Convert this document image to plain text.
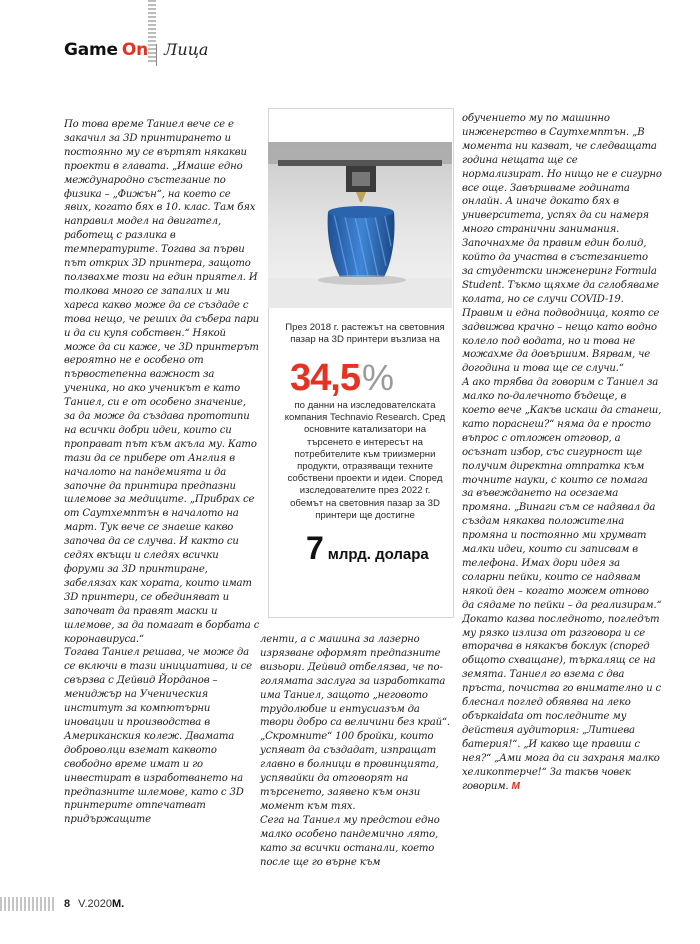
Game On Лица

По това време Таниел вече се е закачил за 3D принтирането и постоянно му се въртят някакви проекти в главата. „Имаше едно международно състезание по физика – „Фижън“, на което се явих, когато бях в 10. клас. Там бях направил модел на двигател, работещ с разлика в температурите. Тогава за първи път открих 3D принтера, защото ползвахме този на един приятел. И толкова много се запалих и ми хареса какво може да се създаде с това нещо, че реших да събера пари и да си купя собствен.“ Някой може да си каже, че 3D принтерът вероятно не е особено от първостепенна важност за ученика, но ако ученикът е като Таниел, си е от особено значение, за да може да създава прототипи на всички добри идеи, които си проправат път към акъла му. Като тази да се прибере от Англия в началото на пандемията и да започне да принтира предпазни шлемове за медиците. „Прибрах се от Саутхемптън в началото на март. Тук вече се знаеше какво започва да се случва. И както си седях вкъщи и следях всички форуми за 3D принтиране, забелязах как хората, които имат 3D принтери, се обединяват и започват да правят маски и шлемове, за да помагат в борбата с коронавируса.“

Тогава Таниел решава, че може да се включи в тази инициатива, и се свързва с Дейвид Йорданов – мениджър на Ученическия институт за компютърни иновации и производства в Американския колеж. Двамата доброволци вземат каквото свободно време имат и го инвестират в изработването на предпазните шлемове, като с 3D принтерите отпечатват придържащите

През 2018 г. растежът на световния пазар на 3D принтери възлиза на
34,5%
по данни на изследователската компания Technavio Research. Сред основните катализатори на търсенето е интересът на потребителите към триизмерни продукти, отразяващи техните собствени проекти и идеи. Според изследователите през 2022 г. обемът на световния пазар за 3D принтери ще достигне
7 млрд. долара

ленти, а с машина за лазерно изрязване оформят предпазните визьори. Дейвид отбелязва, че по-голямата заслуга за изработката има Таниел, защото „неговото трудолюбие и ентусиазъм да твори добро са величини без край“. „Скромните“ 100 бройки, които успяват да създадат, изпращат главно в болници в провинцията, успявайки да отговорят на търсенето, заявено към онзи момент към тях.

Сега на Таниел му предстои едно малко особено пандемично лято, като за всички останали, което после ще го върне към

обучението му по машинно инженерство в Саутхемптън. „В момента ни казват, че следващата година нещата ще се нормализират. Но нищо не е сигурно все още. Завършваме годината онлайн. А иначе докато бях в университета, успях да си намеря много странични занимания. Започнахме да правим един болид, който да участва в състезанието за студентски инженеринг Formula Student. Тъкмо щяхме да сглобяваме колата, но се случи COVID-19. Правим и една подводница, която се задвижва крачно – нещо като водно колело под водата, но и това не можахме да довършим. Вярвам, че догодина и това ще се случи.“

А ако трябва да говорим с Таниел за малко по-далечното бъдеще, в което вече „Какъв искаш да станеш, като пораснеш?“ няма да е просто въпрос с отложен отговор, а осъзнат избор, със сигурност ще получим директна отпратка към точните науки, с които се помага за въвеждането на осезаема промяна. „Винаги съм се надявал да създам някаква положителна промяна и постоянно ми хрумват малки идеи, които си записвам в телефона. Имах дори идея за соларни пейки, които се надявам някой ден – когато можем отново да сядаме по пейки – да реализирам.“

Докато казва последното, погледът му рязко излиза от разговора и се вторачва в някакъв боклук (според общото схващане), търкалящ се на земята. Таниел го взема с два пръста, почиства го внимателно и с блеснал поглед обявява на леко объркаidata от последните му действия аудитория: „Литиева батерия!“. „И какво ще правиш с нея?“ „Ами мога да си захраня малко хеликоптерче!“ За такъв човек говорим. M

8 V.2020 M.
